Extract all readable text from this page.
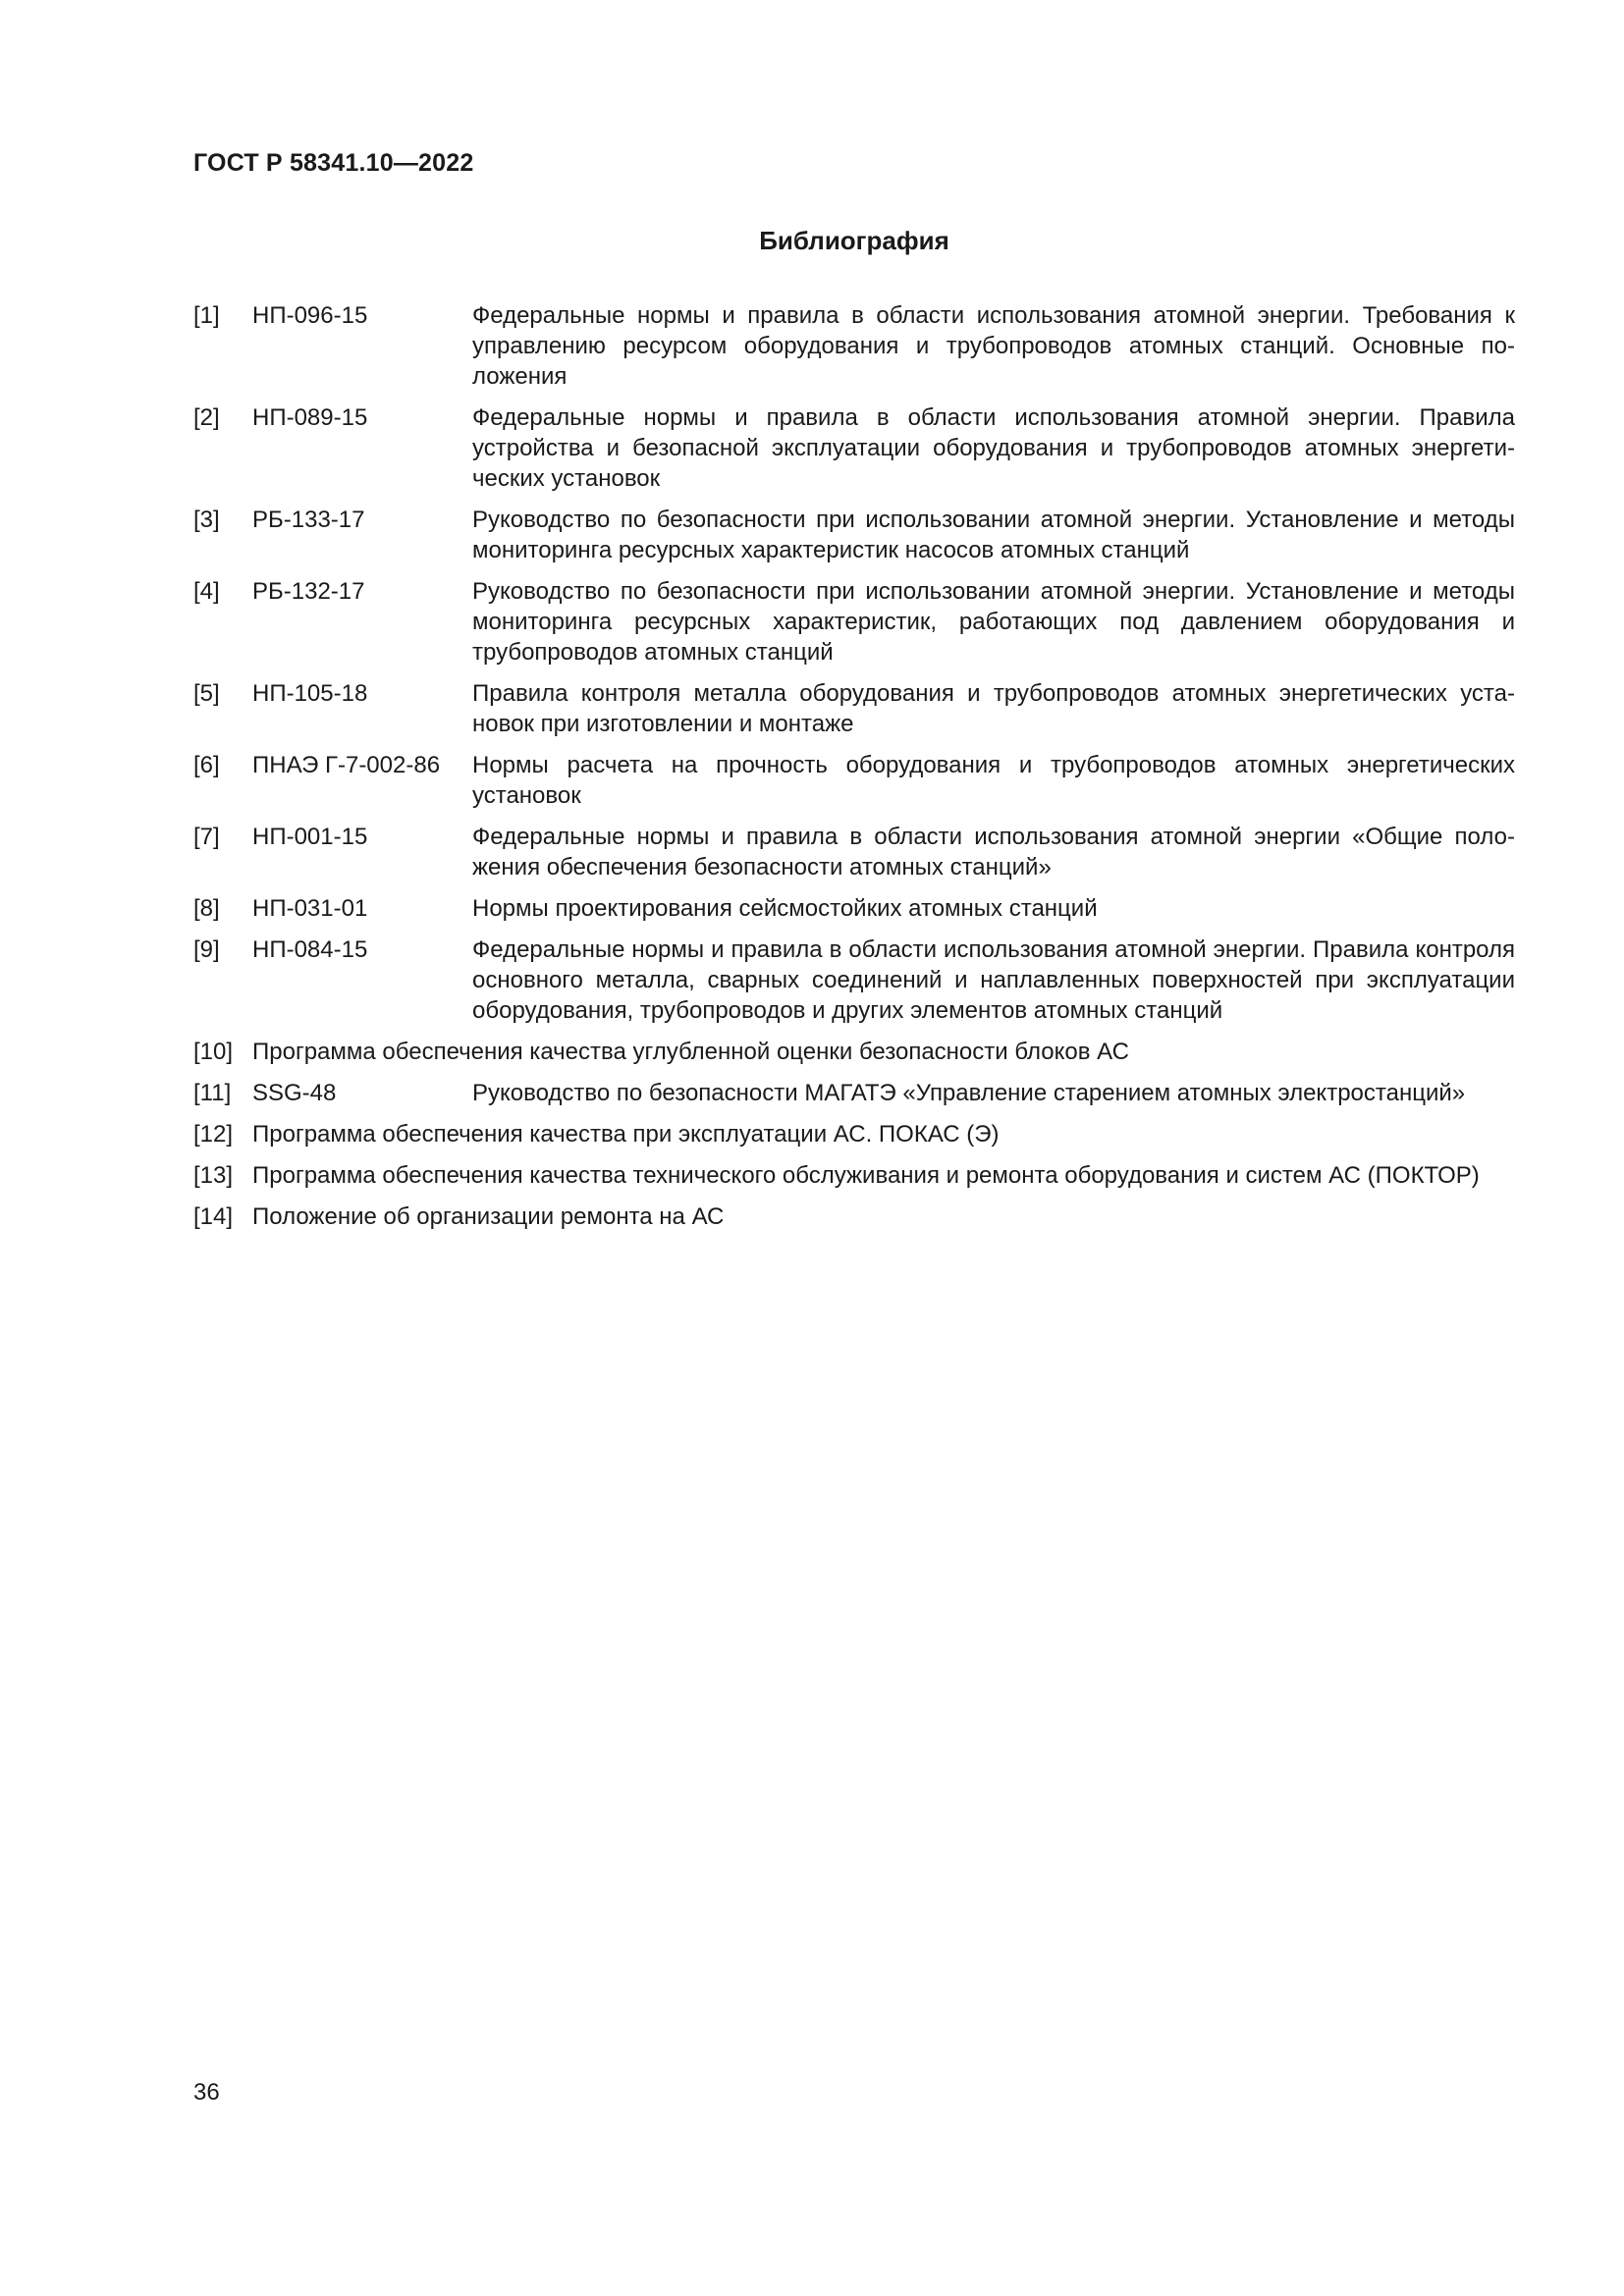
ГОСТ Р 58341.10—2022
Библиография
[1]	НП-096-15	Федеральные нормы и правила в области использования атомной энергии. Требования к управлению ресурсом оборудования и трубопроводов атомных станций. Основные положения
[2]	НП-089-15	Федеральные нормы и правила в области использования атомной энергии. Правила устройства и безопасной эксплуатации оборудования и трубопроводов атомных энергетических установок
[3]	РБ-133-17	Руководство по безопасности при использовании атомной энергии. Установление и методы мониторинга ресурсных характеристик насосов атомных станций
[4]	РБ-132-17	Руководство по безопасности при использовании атомной энергии. Установление и методы мониторинга ресурсных характеристик, работающих под давлением оборудования и трубопроводов атомных станций
[5]	НП-105-18	Правила контроля металла оборудования и трубопроводов атомных энергетических установок при изготовлении и монтаже
[6]	ПНАЭ Г-7-002-86	Нормы расчета на прочность оборудования и трубопроводов атомных энергетических установок
[7]	НП-001-15	Федеральные нормы и правила в области использования атомной энергии «Общие положения обеспечения безопасности атомных станций»
[8]	НП-031-01	Нормы проектирования сейсмостойких атомных станций
[9]	НП-084-15	Федеральные нормы и правила в области использования атомной энергии. Правила контроля основного металла, сварных соединений и наплавленных поверхностей при эксплуатации оборудования, трубопроводов и других элементов атомных станций
[10] Программа обеспечения качества углубленной оценки безопасности блоков АС
[11] SSG-48	Руководство по безопасности МАГАТЭ «Управление старением атомных электростанций»
[12] Программа обеспечения качества при эксплуатации АС. ПОКАС (Э)
[13] Программа обеспечения качества технического обслуживания и ремонта оборудования и систем АС (ПОКТОР)
[14] Положение об организации ремонта на АС
36
